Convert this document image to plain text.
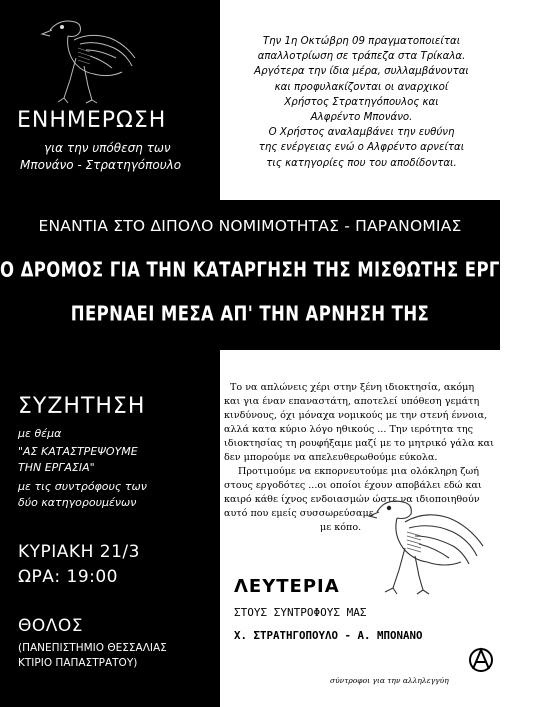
ΕΝΗΜΕΡΩΣΗ
για την υπόθεση των
Μπονάνο - Στρατηγόπουλο
Την 1η Οκτώβρη 09 πραγματοποιείται
απαλλοτρίωση σε τράπεζα στα Τρίκαλα.
Αργότερα την ίδια μέρα, συλλαμβάνονται
και προφυλακίζονται οι αναρχικοί
Χρήστος Στρατηγόπουλος και
Αλφρέντο Μπονάνο.
Ο Χρήστος αναλαμβάνει την ευθύνη
της ενέργειας ενώ ο Αλφρέντο αρνείται
τις κατηγορίες που του αποδίδονται.
ΕΝΑΝΤΙΑ ΣΤΟ ΔΙΠΟΛΟ ΝΟΜΙΜΟΤΗΤΑΣ - ΠΑΡΑΝΟΜΙΑΣ
Ο ΔΡΟΜΟΣ ΓΙΑ ΤΗΝ ΚΑΤΑΡΓΗΣΗ ΤΗΣ ΜΙΣΘΩΤΗΣ ΕΡΓΑΣΙΑΣ
ΠΕΡΝΑΕΙ ΜΕΣΑ ΑΠ' ΤΗΝ ΑΡΝΗΣΗ ΤΗΣ
ΣΥΖΗΤΗΣΗ
με θέμα
"ΑΣ ΚΑΤΑΣΤΡΕΨΟΥΜΕ
ΤΗΝ ΕΡΓΑΣΙΑ"
με τις συντρόφους των
δύο κατηγορουμένων
ΚΥΡΙΑΚΗ 21/3
ΩΡΑ: 19:00
ΘΟΛΟΣ
(ΠΑΝΕΠΙΣΤΗΜΙΟ ΘΕΣΣΑΛΙΑΣ
ΚΤΙΡΙΟ ΠΑΠΑΣΤΡΑΤΟΥ)
Το να απλώνεις χέρι στην ξένη ιδιοκτησία, ακόμη
και για έναν επαναστάτη, αποτελεί υπόθεση γεμάτη
κινδύνους, όχι μόναχα νομικούς με την στενή έννοια,
αλλά κατα κύριο λόγο ηθικούς ... Την ιερότητα της
ιδιοκτησίας τη ρουφήξαμε μαζί με το μητρικό γάλα και
δεν μπορούμε να απελευθερωθούμε εύκολα.
Προτιμούμε να εκπορνευτούμε μια ολόκληρη ζωή
στους εργοδότες ...οι οποίοι έχουν αποβάλει εδώ και
καιρό κάθε ίχνος ενδοιασμών ώστε να ιδιοποιηθούν
αυτό που εμείς συσσωρεύσαμε
με κόπο.
ΛΕΥΤΕΡΙΑ
ΣΤΟΥΣ ΣΥΝΤΡΟΦΟΥΣ ΜΑΣ
Χ. ΣΤΡΑΤΗΓΟΠΟΥΛΟ - Α. ΜΠΟΝΑΝΟ
σύντροφοι για την αλληλεγγύη
